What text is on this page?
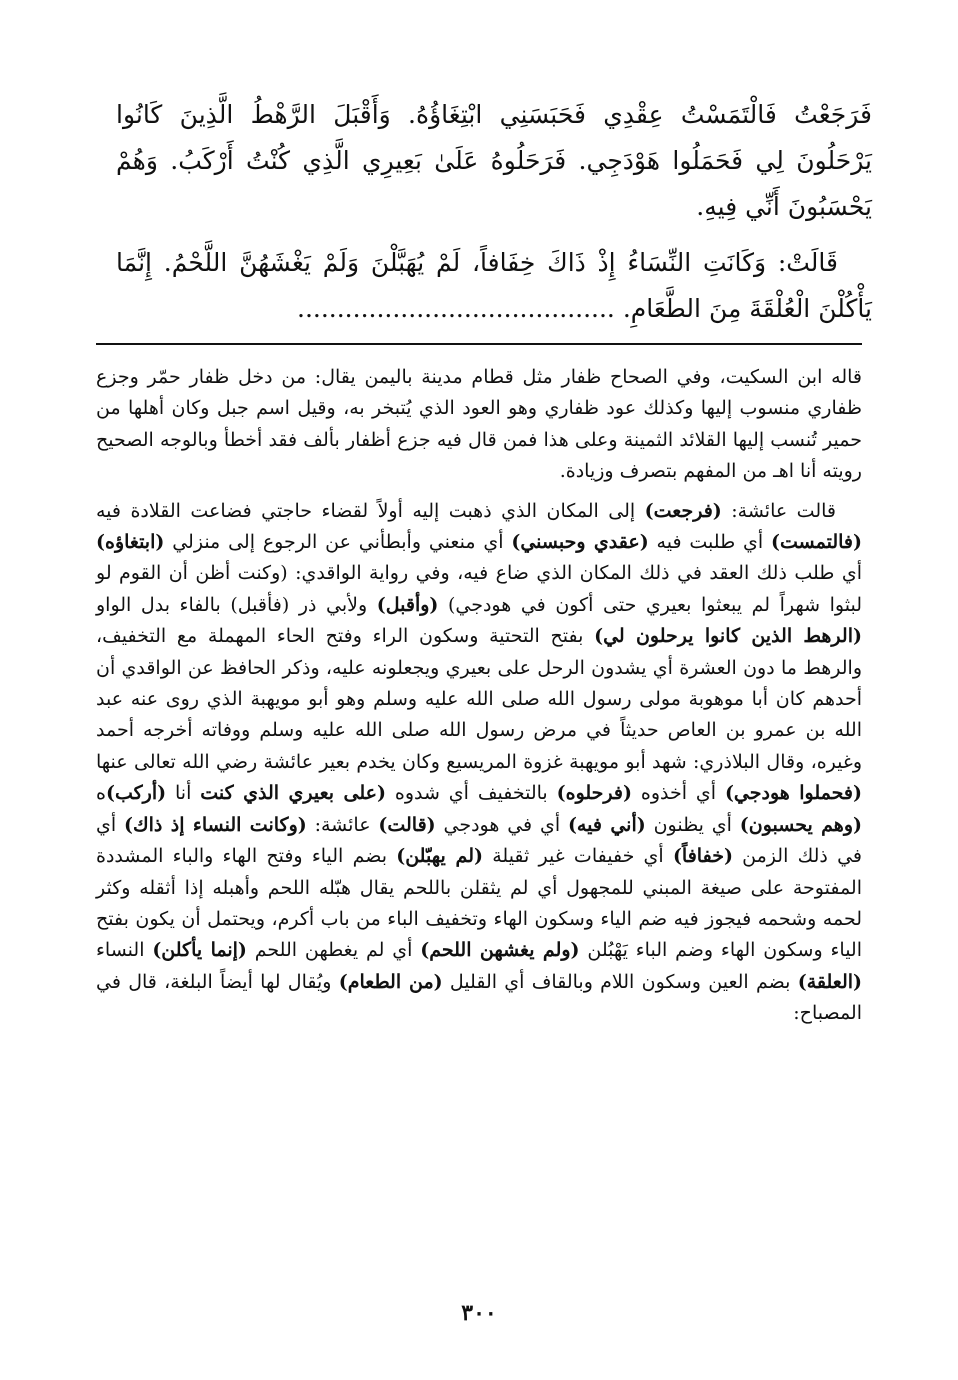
فَرَجَعْتُ فَالْتَمَسْتُ عِقْدِي فَحَبَسَنِي ابْتِغَاؤُهُ. وَأَقْبَلَ الرَّهْطُ الَّذِينَ كَانُوا يَرْحَلُونَ لِي فَحَمَلُوا هَوْدَجِي. فَرَحَلُوهُ عَلَىٰ بَعِيرِي الَّذِي كُنْتُ أَرْكَبُ. وَهُمْ يَحْسَبُونَ أَنِّي فِيهِ.

قَالَتْ: وَكَانَتِ النِّسَاءُ إِذْ ذَاكَ خِفَافاً، لَمْ يُهَبَّلْنَ وَلَمْ يَغْشَهُنَّ اللَّحْمُ. إِنَّمَا يَأْكُلْنَ الْعُلْقَةَ مِنَ الطَّعَامِ. ........................................

قاله ابن السكيت، وفي الصحاح ظفار مثل قطام مدينة باليمن يقال: من دخل ظفار حمّر وجزع ظفاري منسوب إليها وكذلك عود ظفاري وهو العود الذي يُتبخر به، وقيل اسم جبل وكان أهلها من حمير تُنسب إليها القلائد الثمينة وعلى هذا فمن قال فيه جزع أظفار بألف فقد أخطأ وبالوجه الصحيح رويته أنا اهـ من المفهم بتصرف وزيادة.

قالت عائشة: (فرجعت) إلى المكان الذي ذهبت إليه أولاً لقضاء حاجتي فضاعت القلادة فيه (فالتمست) أي طلبت فيه (عقدي وحبسني) أي منعني وأبطأني عن الرجوع إلى منزلي (ابتغاؤه) أي طلب ذلك العقد في ذلك المكان الذي ضاع فيه، وفي رواية الواقدي: (وكنت أظن أن القوم لو لبثوا شهراً لم يبعثوا بعيري حتى أكون في هودجي) (وأقبل) ولأبي ذر (فأقبل) بالفاء بدل الواو (الرهط الذين كانوا يرحلون لي) بفتح التحتية وسكون الراء وفتح الحاء المهملة مع التخفيف، والرهط ما دون العشرة أي يشدون الرحل على بعيري ويجعلونه عليه، وذكر الحافظ عن الواقدي أن أحدهم كان أبا موهوبة مولى رسول الله صلى الله عليه وسلم وهو أبو مويهبة الذي روى عنه عبد الله بن عمرو بن العاص حديثاً في مرض رسول الله صلى الله عليه وسلم ووفاته أخرجه أحمد وغيره، وقال البلاذري: شهد أبو مويهبة غزوة المريسيع وكان يخدم بعير عائشة رضي الله تعالى عنها (فحملوا هودجي) أي أخذوه (فرحلوه) بالتخفيف أي شدوه (على بعيري الذي كنت أنا (أركب)ه (وهم يحسبون) أي يظنون (أني فيه) أي في هودجي (قالت) عائشة: (وكانت النساء إذ ذاك) أي في ذلك الزمن (خفافاً) أي خفيفات غير ثقيلة (لم يهبّلن) بضم الياء وفتح الهاء والباء المشددة المفتوحة على صيغة المبني للمجهول أي لم يثقلن باللحم يقال هبّله اللحم وأهبله إذا أثقله وكثر لحمه وشحمه فيجوز فيه ضم الياء وسكون الهاء وتخفيف الباء من باب أكرم، ويحتمل أن يكون بفتح الياء وسكون الهاء وضم الباء يَهْبُلن (ولم يغشهن اللحم) أي لم يغطهن اللحم (إنما يأكلن) النساء (العلقة) بضم العين وسكون اللام وبالقاف أي القليل (من الطعام) ويُقال لها أيضاً البلغة، قال في المصباح:

٣٠٠
